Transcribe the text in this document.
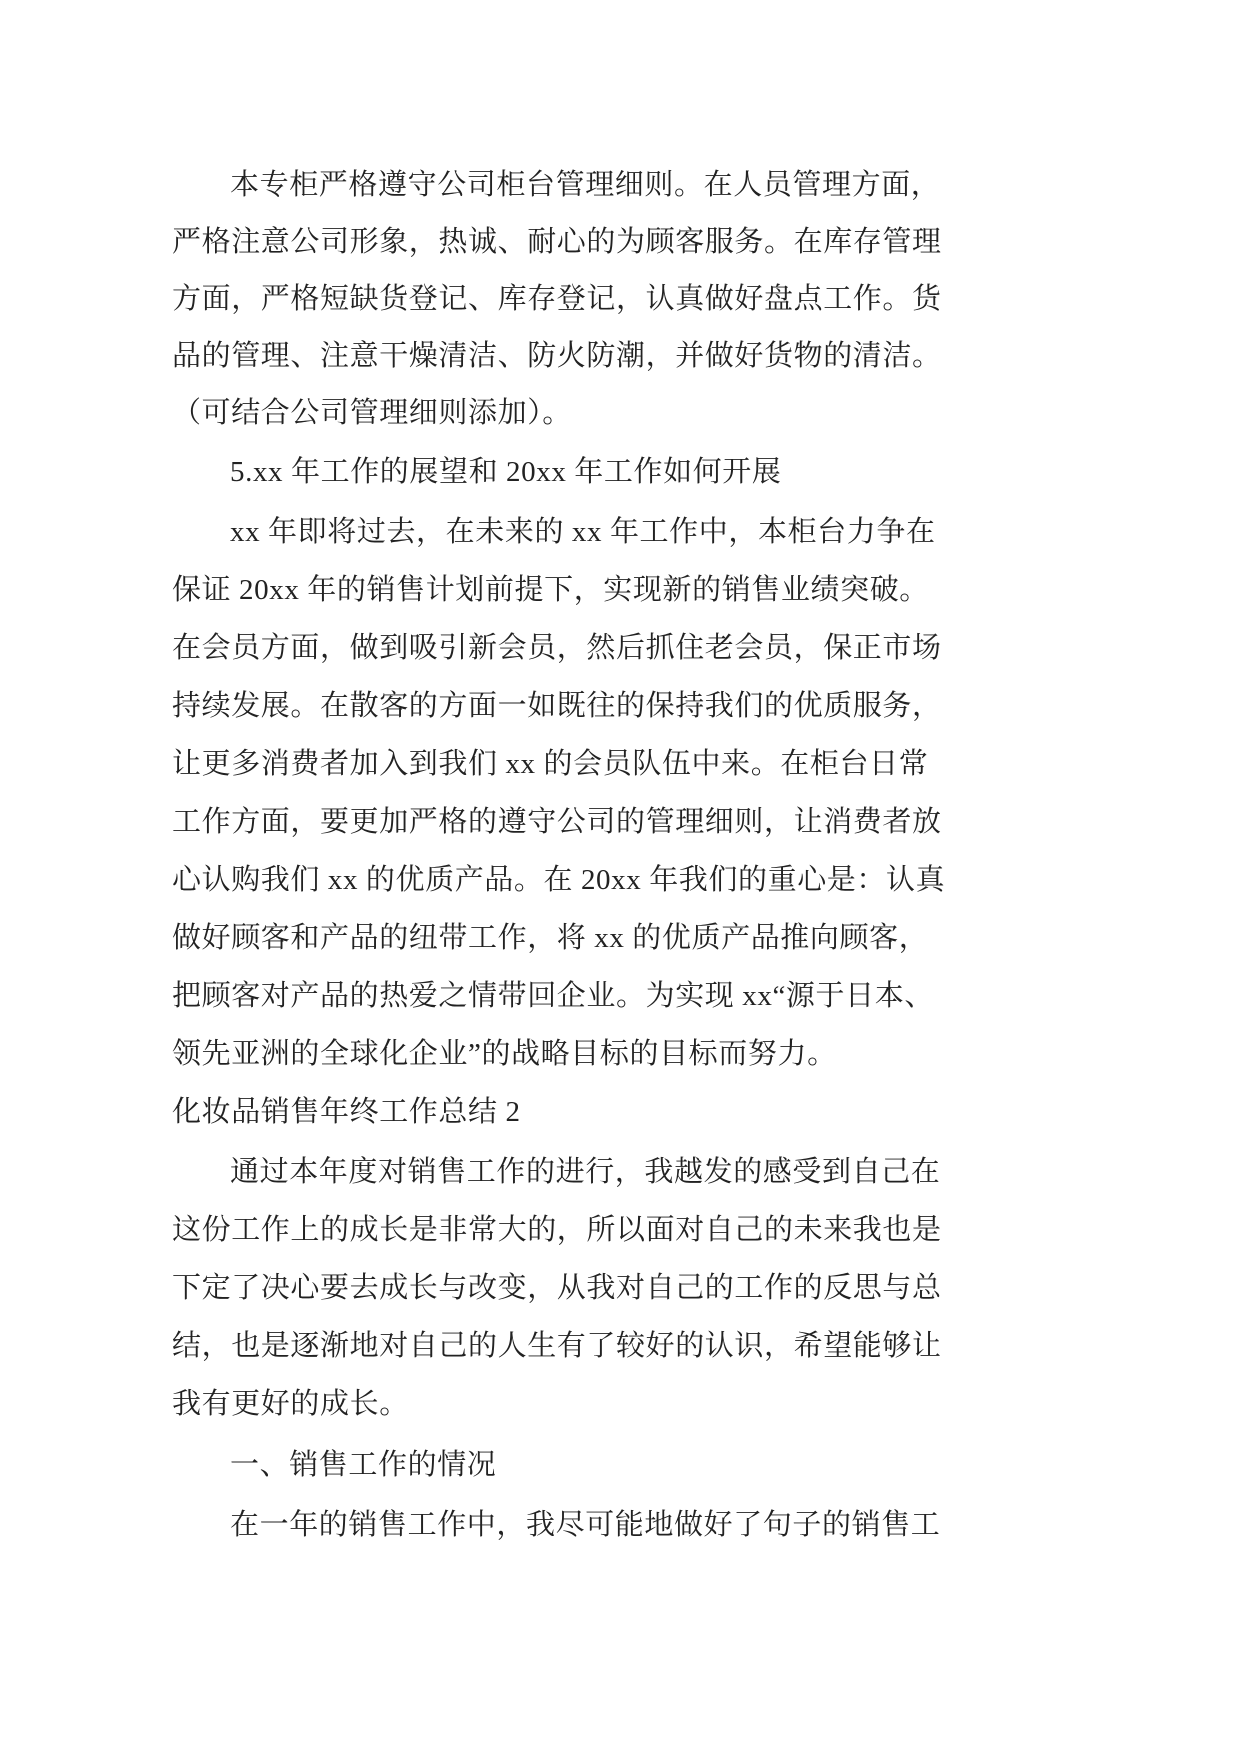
本专柜严格遵守公司柜台管理细则。在人员管理方面，
严格注意公司形象，热诚、耐心的为顾客服务。在库存管理
方面，严格短缺货登记、库存登记，认真做好盘点工作。货
品的管理、注意干燥清洁、防火防潮，并做好货物的清洁。
（可结合公司管理细则添加）。
5.xx 年工作的展望和 20xx 年工作如何开展
xx 年即将过去，在未来的 xx 年工作中，本柜台力争在
保证 20xx 年的销售计划前提下，实现新的销售业绩突破。
在会员方面，做到吸引新会员，然后抓住老会员，保正市场
持续发展。在散客的方面一如既往的保持我们的优质服务，
让更多消费者加入到我们 xx 的会员队伍中来。在柜台日常
工作方面，要更加严格的遵守公司的管理细则，让消费者放
心认购我们 xx 的优质产品。在 20xx 年我们的重心是：认真
做好顾客和产品的纽带工作，将 xx 的优质产品推向顾客，
把顾客对产品的热爱之情带回企业。为实现 xx“源于日本、
领先亚洲的全球化企业”的战略目标的目标而努力。
化妆品销售年终工作总结 2
通过本年度对销售工作的进行，我越发的感受到自己在
这份工作上的成长是非常大的，所以面对自己的未来我也是
下定了决心要去成长与改变，从我对自己的工作的反思与总
结，也是逐渐地对自己的人生有了较好的认识，希望能够让
我有更好的成长。
一、销售工作的情况
在一年的销售工作中，我尽可能地做好了句子的销售工
